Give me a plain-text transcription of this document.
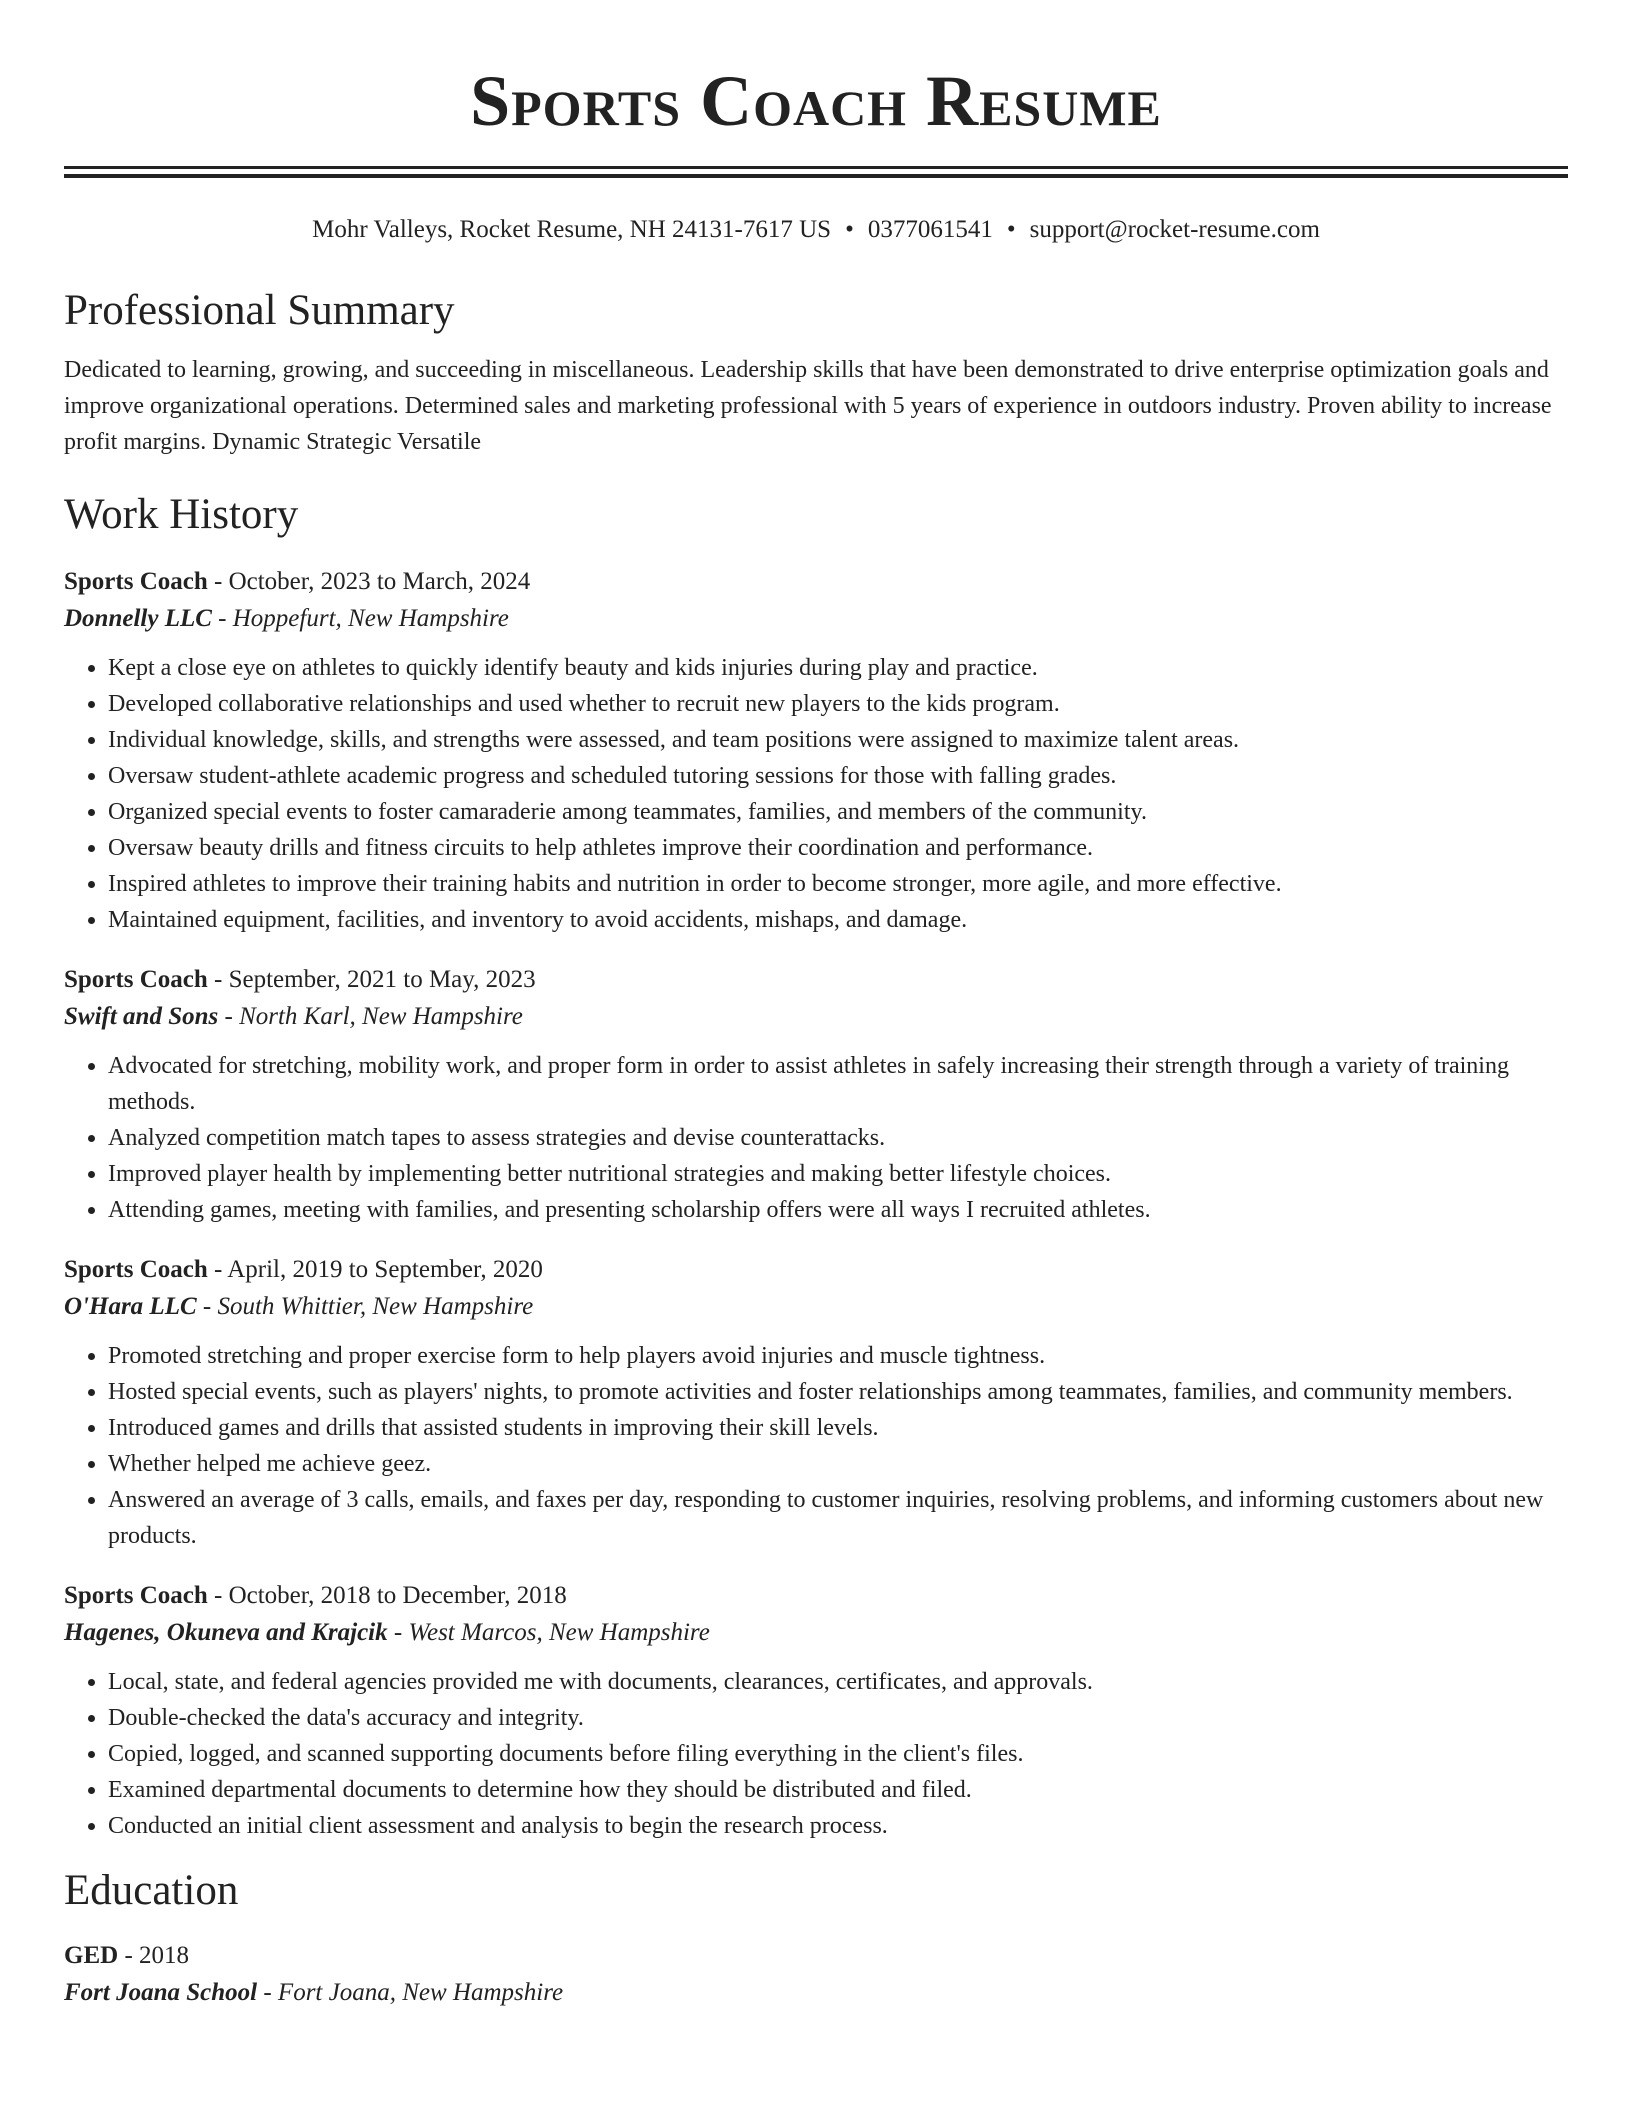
Sports Coach Resume
Mohr Valleys, Rocket Resume, NH 24131-7617 US • 0377061541 • support@rocket-resume.com
Professional Summary

Dedicated to learning, growing, and succeeding in miscellaneous. Leadership skills that have been demonstrated to drive enterprise optimization goals and improve organizational operations. Determined sales and marketing professional with 5 years of experience in outdoors industry. Proven ability to increase profit margins. Dynamic Strategic Versatile

Work History
Sports Coach - October, 2023 to March, 2024
Donnelly LLC - Hoppefurt, New Hampshire
• Kept a close eye on athletes to quickly identify beauty and kids injuries during play and practice.
• Developed collaborative relationships and used whether to recruit new players to the kids program.
• Individual knowledge, skills, and strengths were assessed, and team positions were assigned to maximize talent areas.
• Oversaw student-athlete academic progress and scheduled tutoring sessions for those with falling grades.
• Organized special events to foster camaraderie among teammates, families, and members of the community.
• Oversaw beauty drills and fitness circuits to help athletes improve their coordination and performance.
• Inspired athletes to improve their training habits and nutrition in order to become stronger, more agile, and more effective.
• Maintained equipment, facilities, and inventory to avoid accidents, mishaps, and damage.
Sports Coach - September, 2021 to May, 2023
Swift and Sons - North Karl, New Hampshire
• Advocated for stretching, mobility work, and proper form in order to assist athletes in safely increasing their strength through a variety of training methods.
• Analyzed competition match tapes to assess strategies and devise counterattacks.
• Improved player health by implementing better nutritional strategies and making better lifestyle choices.
• Attending games, meeting with families, and presenting scholarship offers were all ways I recruited athletes.
Sports Coach - April, 2019 to September, 2020
O'Hara LLC - South Whittier, New Hampshire
• Promoted stretching and proper exercise form to help players avoid injuries and muscle tightness.
• Hosted special events, such as players' nights, to promote activities and foster relationships among teammates, families, and community members.
• Introduced games and drills that assisted students in improving their skill levels.
• Whether helped me achieve geez.
• Answered an average of 3 calls, emails, and faxes per day, responding to customer inquiries, resolving problems, and informing customers about new products.
Sports Coach - October, 2018 to December, 2018
Hagenes, Okuneva and Krajcik - West Marcos, New Hampshire
• Local, state, and federal agencies provided me with documents, clearances, certificates, and approvals.
• Double-checked the data's accuracy and integrity.
• Copied, logged, and scanned supporting documents before filing everything in the client's files.
• Examined departmental documents to determine how they should be distributed and filed.
• Conducted an initial client assessment and analysis to begin the research process.
Education
GED - 2018
Fort Joana School - Fort Joana, New Hampshire
